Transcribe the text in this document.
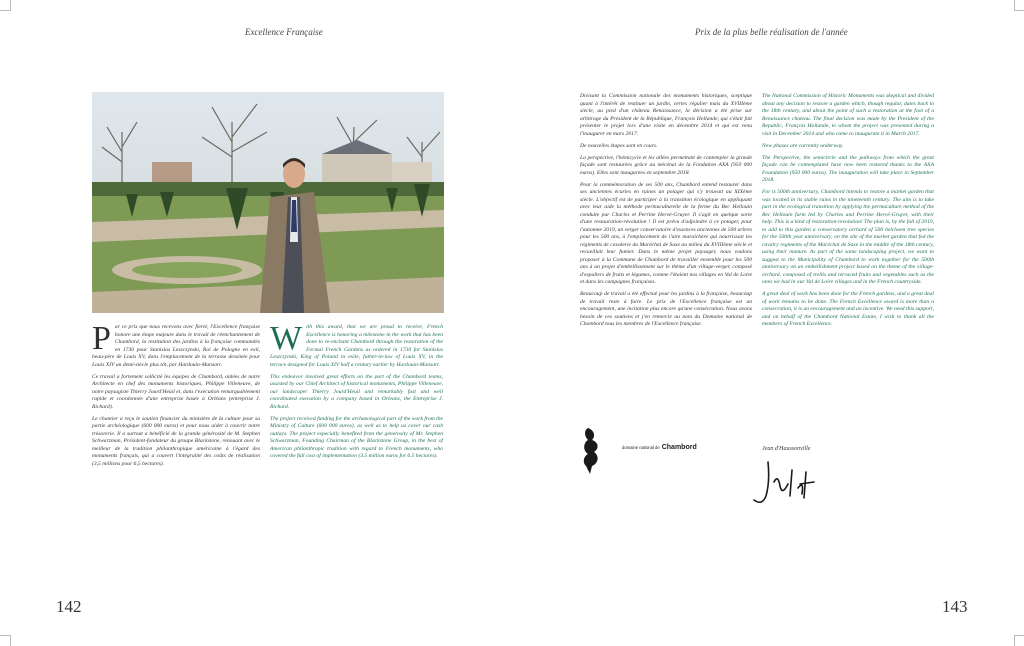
Excellence Française	Prix de la plus belle réalisation de l'année

Par ce prix que nous recevons avec fierté, l'Excellence française honore une étape majeure dans le travail de réenchantement de Chambord, la restitution des jardins à la française commandés en 1730 pour Stanislas Leszczynski, Roi de Pologne en exil, beau-père de Louis XV, dans l'emplacement de la terrasse dessinée pour Louis XIV un demi-siècle plus tôt, par Hardouin-Mansart.

Ce travail a fortement sollicité les équipes de Chambord, aidées de notre Architecte en chef des monuments historiques, Philippe Villeneuve, de notre paysagiste Thierry Jourd'Heuil et, dans l'exécution remarquablement rapide et coordonnée d'une entreprise basée à Orléans (entreprise J. Richard).

Le chantier a reçu le soutien financier du ministère de la culture pour sa partie archéologique (600 000 euros) et pour nous aider à couvrir notre trésorerie. Il a surtout a bénéficié de la grande générosité de M. Stephen Schwarzman, Président-fondateur du groupe Blackstone, renouant avec le meilleur de la tradition philanthropique américaine à l'égard des monuments français, qui a couvert l'intégralité des coûts de réalisation (3,5 millions pour 6,5 hectares).

With this award, that we are proud to receive, French Excellence is honoring a milestone in the work that has been done to re-enchant Chambord through the restoration of the Formal French Gardens as ordered in 1730 for Stanislas Leszczynski, King of Poland in exile, father-in-law of Louis XV, in the terrace designed for Louis XIV half a century earlier by Hardouin-Mansart.

This endeavor involved great efforts on the part of the Chambord teams, assisted by our Chief Architect of historical monuments, Philippe Villeneuve, our landscaper Thierry Jourd'Heuil and remarkably fast and well coordinated execution by a company based in Orleans, the Entreprise J. Richard.

The project received funding for the archaeological part of the work from the Ministry of Culture (600 000 euros), as well as to help us cover our cash outlays. The project especially benefited from the generosity of Mr. Stephen Schwarzman, Founding Chairman of the Blackstone Group, in the best of American philanthropic tradition with regard to French monuments, who covered the full cost of implementation (3.5 million euros for 6.5 hectares).

Divisant la Commission nationale des monuments historiques, sceptique quant à l'intérêt de restituer un jardin, certes régulier mais du XVIIIème siècle, au pied d'un château Renaissance, la décision a été prise sur arbitrage du Président de la République, François Hollande, qui s'était fait présenter le projet lors d'une visite en décembre 2014 et qui est venu l'inaugurer en mars 2017.

De nouvelles étapes sont en cours.

La perspective, l'hémicycle et les allées permettant de contempler la grande façade sont restaurées grâce au mécénat de la Fondation AXA (950 000 euros). Elles sont inaugurées en septembre 2018.

Pour la commémoration de ses 500 ans, Chambord entend restaurer dans ses anciennes écuries en ruines un potager qui s'y trouvait au XIXème siècle. L'objectif est de participer à la transition écologique en appliquant avec leur aide la méthode permaculturelle de la ferme du Bec Hellouin conduite par Charles et Perrine Hervé-Gruyer. Il s'agit en quelque sorte d'une restauration-révolution ! Il est prévu d'adjoindre à ce potager, pour l'automne 2019, un verger conservatoire d'essences anciennes de 500 arbres pour les 500 ans, à l'emplacement de l'aire maraîchère qui nourrissait les régiments de cavalerie du Maréchal de Saxe au milieu du XVIIIème siècle et recueillait leur fumier. Dans le même projet paysager, nous voulons proposer à la Commune de Chambord de travailler ensemble pour les 500 ans à un projet d'embellissement sur le thème d'un village-verger, composé d'espaliers de fruits et légumes, comme l'étaient nos villages en Val de Loire et dans les campagnes françaises.

Beaucoup de travail a été effectué pour les jardins à la française, beaucoup de travail reste à faire. Le prix de l'Excellence française est un encouragement, une incitation plus encore qu'une consécration. Nous avons besoin de ces soutiens et j'en remercie au nom du Domaine national de Chambord tous les membres de l'Excellence française.

The National Commission of Historic Monuments was skeptical and divided about any decision to restore a garden which, though regular, dates back to the 18th century, and about the point of such a restoration at the foot of a Renaissance chateau. The final decision was made by the President of the Republic, François Hollande, to whom the project was presented during a visit in December 2014 and who came to inaugurate it in March 2017.

New phases are currently underway.

The Perspective, the semicircle and the pathways from which the great façade can be contemplated have now been restored thanks to the AXA Foundation (950 000 euros). The inauguration will take place in September 2018.

For is 500th anniversary, Chambord intends to restore a market garden that was located in its stable ruins in the nineteenth century. The aim is to take part in the ecological transition by applying the permaculture method of the Bec Hellouin farm led by Charles and Perrine Hervé-Gruyer, with their help. This is a kind of restoration-revolution! The plan is, by the fall of 2019, to add to this garden a conservatory orchard of 500 heirloom tree species for the 500th year anniversary, on the site of the market garden that fed the cavalry regiments of the Maréchal de Saxe in the middle of the 18th century, using their manure. As part of the same landscaping project, we want to suggest to the Municipality of Chambord to work together for the 500th anniversary on an embellishment project based on the theme of the village-orchard, composed of trellis and terraced fruits and vegetables such as the ones we had in our Val de Loire villages and in the French countryside.

A great deal of work has been done for the French gardens, and a great deal of work remains to be done. The French Excellence award is more than a consecration, it is an encouragement and an incentive. We need this support, and on behalf of the Chambord National Estate, I wish to thank all the members of French Excellence.

domaine national de Chambord	Jean d'Haussonville
142	143
